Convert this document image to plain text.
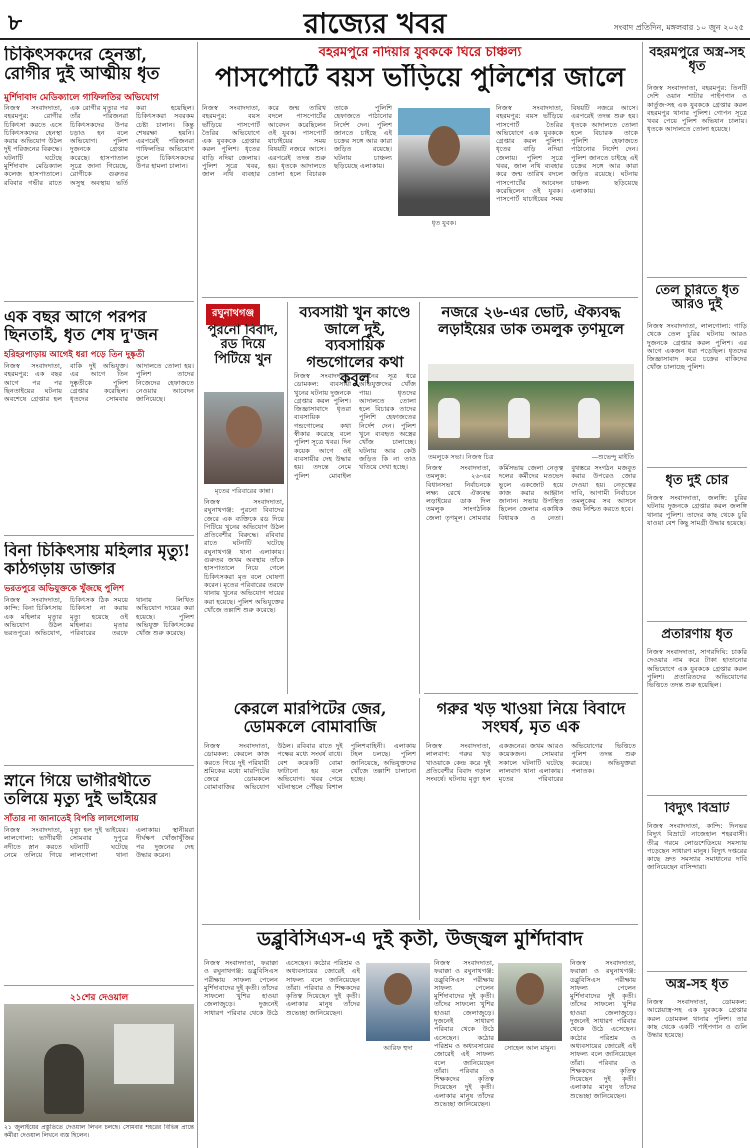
৮	রাজ্যের খবর	সংবাদ প্রতিদিন, মঙ্গলবার ১০ জুন ২০২৫
চিকিৎসকদের হেনস্তা, রোগীর দুই আত্মীয় ধৃত
মুর্শিদাবাদ মেডিক্যালে গাফিলতির অভিযোগ
নিজস্ব সংবাদদাতা, বহরমপুর: রোগীর চিকিৎসা করতে এসে চিকিৎসকদের হেনস্থা করার অভিযোগ উঠল দুই পরিজনের বিরুদ্ধে। ঘটনাটি ঘটেছে মুর্শিদাবাদ মেডিক্যাল কলেজ হাসপাতালে। রবিবার গভীর রাতে এক রোগীর মৃত্যুর পর তাঁর পরিজনরা চিকিৎসকদের উপর চড়াও হন বলে অভিযোগ। পুলিশ দুজনকে গ্রেপ্তার করেছে। হাসপাতাল সূত্রে জানা গিয়েছে, রোগীকে গুরুতর অসুস্থ অবস্থায় ভর্তি করা হয়েছিল। চিকিৎসকরা সবরকম চেষ্টা চালান। কিন্তু শেষরক্ষা হয়নি। এরপরেই পরিজনরা গাফিলতির অভিযোগ তুলে চিকিৎসকদের উপর হামলা চালান।
এক বছর আগে পরপর ছিনতাই, ধৃত শেষ দু'জন
হরিহরপাড়ায় আগেই ধরা পড়ে তিন দুষ্কৃতী
নিজস্ব সংবাদদাতা, বহরমপুর: এক বছর আগে পর পর ছিনতাইয়ের ঘটনায় অবশেষে গ্রেপ্তার হল বাকি দুই অভিযুক্ত। এর আগে তিন দুষ্কৃতীকে পুলিশ গ্রেপ্তার করেছিল। ধৃতদের সোমবার আদালতে তোলা হয়। পুলিশ তাদের নিজেদের হেফাজতে নেওয়ার আবেদন জানিয়েছে।
বিনা চিকিৎসায় মহিলার মৃত্যু! কাঠগড়ায় ডাক্তার
ভরতপুরে অভিযুক্তকে খুঁজছে পুলিশ
নিজস্ব সংবাদদাতা, কান্দি: বিনা চিকিৎসায় এক মহিলার মৃত্যুর অভিযোগ উঠল ভরতপুরে। অভিযোগ, চিকিৎসক ঠিক সময়ে চিকিৎসা না করায় মৃত্যু হয়েছে ওই মহিলার। মৃতার পরিবারের তরফে থানায় লিখিত অভিযোগ দায়ের করা হয়েছে। পুলিশ অভিযুক্ত চিকিৎসকের খোঁজ শুরু করেছে।
স্নানে গিয়ে ভাগীরথীতে তলিয়ে মৃত্যু দুই ভাইয়ের
সাঁতার না জানাতেই বিপত্তি লালগোলায়
নিজস্ব সংবাদদাতা, লালগোলা: ভাগীরথী নদীতে স্নান করতে নেমে তলিয়ে গিয়ে মৃত্যু হল দুই ভাইয়ের। সোমবার দুপুরে ঘটনাটি ঘটেছে লালগোলা থানা এলাকায়। স্থানীয়রা দীর্ঘক্ষণ খোঁজাখুঁজির পর দুজনের দেহ উদ্ধার করেন।
২১শের দেওয়াল
২১ জুলাইয়ের প্রস্তুতিতে দেওয়াল লিখন চলছে। সোমবার শহরের বিভিন্ন প্রান্তে কর্মীরা দেওয়াল লিখনে ব্যস্ত ছিলেন।
বহরমপুরে নদিয়ার যুবককে ঘিরে চাঞ্চল্য
পাসপোর্টে বয়স ভাঁড়িয়ে পুলিশের জালে
নিজস্ব সংবাদদাতা, বহরমপুর: বয়স ভাঁড়িয়ে পাসপোর্ট তৈরির অভিযোগে এক যুবককে গ্রেপ্তার করল পুলিশ। ধৃতের বাড়ি নদিয়া জেলায়। পুলিশ সূত্রে খবর, জাল নথি ব্যবহার করে জন্ম তারিখ বদলে পাসপোর্টের আবেদন করেছিলেন ওই যুবক। পাসপোর্ট যাচাইয়ের সময় বিষয়টি নজরে আসে। এরপরেই তদন্ত শুরু হয়। ধৃতকে আদালতে তোলা হলে বিচারক তাকে পুলিশি হেফাজতে পাঠানোর নির্দেশ দেন। পুলিশ জানতে চাইছে এই চক্রের সঙ্গে আর কারা জড়িত রয়েছে। ঘটনায় চাঞ্চল্য ছড়িয়েছে এলাকায়।
ধৃত যুবক।
নিজস্ব সংবাদদাতা, বহরমপুর: বয়স ভাঁড়িয়ে পাসপোর্ট তৈরির অভিযোগে এক যুবককে গ্রেপ্তার করল পুলিশ। ধৃতের বাড়ি নদিয়া জেলায়। পুলিশ সূত্রে খবর, জাল নথি ব্যবহার করে জন্ম তারিখ বদলে পাসপোর্টের আবেদন করেছিলেন ওই যুবক। পাসপোর্ট যাচাইয়ের সময় বিষয়টি নজরে আসে। এরপরেই তদন্ত শুরু হয়। ধৃতকে আদালতে তোলা হলে বিচারক তাকে পুলিশি হেফাজতে পাঠানোর নির্দেশ দেন। পুলিশ জানতে চাইছে এই চক্রের সঙ্গে আর কারা জড়িত রয়েছে। ঘটনায় চাঞ্চল্য ছড়িয়েছে এলাকায়।
রঘুনাথগঞ্জ
পুরনো বিবাদ, রড দিয়ে পিটিয়ে খুন
মৃতের পরিবারের কান্না।
নিজস্ব সংবাদদাতা, রঘুনাথগঞ্জ: পুরনো বিবাদের জেরে এক ব্যক্তিকে রড দিয়ে পিটিয়ে খুনের অভিযোগ উঠল প্রতিবেশীর বিরুদ্ধে। রবিবার রাতে ঘটনাটি ঘটেছে রঘুনাথগঞ্জ থানা এলাকায়। গুরুতর জখম অবস্থায় তাঁকে হাসপাতালে নিয়ে গেলে চিকিৎসকরা মৃত বলে ঘোষণা করেন। মৃতের পরিবারের তরফে থানায় খুনের অভিযোগ দায়ের করা হয়েছে। পুলিশ অভিযুক্তের খোঁজে তল্লাশি শুরু করেছে।
ব্যবসায়ী খুন কাণ্ডে জালে দুই, ব্যবসায়িক গন্ডগোলের কথা কবুল
নিজস্ব সংবাদদাতা, ডোমকল: ব্যবসায়ী খুনের ঘটনায় দুজনকে গ্রেপ্তার করল পুলিশ। জিজ্ঞাসাবাদে ধৃতরা ব্যবসায়িক গন্ডগোলের কথা স্বীকার করেছে বলে পুলিশ সূত্রে খবর। দিন কয়েক আগে ওই ব্যবসায়ীর দেহ উদ্ধার হয়। তদন্তে নেমে পুলিশ মোবাইল ফোনের সূত্র ধরে অভিযুক্তদের খোঁজ পায়। ধৃতদের আদালতে তোলা হলে বিচারক তাদের পুলিশি হেফাজতের নির্দেশ দেন। পুলিশ খুনে ব্যবহৃত অস্ত্রের খোঁজ চালাচ্ছে। ঘটনায় আর কেউ জড়িত কি না তাও খতিয়ে দেখা হচ্ছে।
নজরে ২৬-এর ভোট, ঐক্যবদ্ধ লড়াইয়ের ডাক তমলুক তৃণমূলে
তমলুকে সভা। নিজস্ব চিত্র	—শুভেন্দু মাইতি
নিজস্ব সংবাদদাতা, তমলুক: ২৬-এর বিধানসভা নির্বাচনকে লক্ষ্য রেখে ঐক্যবদ্ধ লড়াইয়ের ডাক দিল তমলুক সাংগঠনিক জেলা তৃণমূল। সোমবার কর্মিসভায় জেলা নেতৃত্ব দলের কর্মীদের মতভেদ ভুলে একজোট হয়ে কাজ করার আহ্বান জানান। সভায় উপস্থিত ছিলেন জেলার একাধিক বিধায়ক ও নেতা। বুথস্তরে সংগঠন মজবুত করার উপরেও জোর দেওয়া হয়। নেতৃত্বের দাবি, আগামী নির্বাচনে তমলুকের সব আসনে জয় নিশ্চিত করতে হবে।
কেরলে মারপিটের জের, ডোমকলে বোমাবাজি
নিজস্ব সংবাদদাতা, ডোমকল: কেরলে কাজ করতে গিয়ে দুই পরিযায়ী শ্রমিকের মধ্যে মারপিটের জেরে ডোমকলে বোমাবাজির অভিযোগ উঠল। রবিবার রাতে দুই পক্ষের মধ্যে সংঘর্ষ বাধে। বেশ কয়েকটি বোমা ফাটানো হয় বলে অভিযোগ। খবর পেয়ে ঘটনাস্থলে পৌঁছয় বিশাল পুলিশবাহিনী। এলাকায় টহল চলছে। পুলিশ জানিয়েছে, অভিযুক্তদের খোঁজে তল্লাশি চালানো হচ্ছে।
গরুর খড় খাওয়া নিয়ে বিবাদে সংঘর্ষ, মৃত এক
নিজস্ব সংবাদদাতা, লালবাগ: গরুর খড় খাওয়াকে কেন্দ্র করে দুই প্রতিবেশীর বিবাদ গড়াল সংঘর্ষে। ঘটনায় মৃত্যু হল একজনের। জখম আরও কয়েকজন। সোমবার সকালে ঘটনাটি ঘটেছে লালবাগ থানা এলাকায়। মৃতের পরিবারের অভিযোগের ভিত্তিতে পুলিশ তদন্ত শুরু করেছে। অভিযুক্তরা পলাতক।
ডব্লুবিসিএস-এ দুই কৃতী, উজ্জ্বল মুর্শিদাবাদ
নিজস্ব সংবাদদাতা, ফরাক্কা ও রঘুনাথগঞ্জ: ডব্লুবিসিএস পরীক্ষায় সাফল্য পেলেন মুর্শিদাবাদের দুই কৃতী। তাঁদের সাফল্যে খুশির হাওয়া জেলাজুড়ে। দুজনেই সাধারণ পরিবার থেকে উঠে এসেছেন। কঠোর পরিশ্রম ও অধ্যবসায়ের জোরেই এই সাফল্য বলে জানিয়েছেন তাঁরা। পরিবার ও শিক্ষকদের কৃতিত্ব দিয়েছেন দুই কৃতী। এলাকার মানুষ তাঁদের শুভেচ্ছা জানিয়েছেন।
আরিফ হুদা
নিজস্ব সংবাদদাতা, ফরাক্কা ও রঘুনাথগঞ্জ: ডব্লুবিসিএস পরীক্ষায় সাফল্য পেলেন মুর্শিদাবাদের দুই কৃতী। তাঁদের সাফল্যে খুশির হাওয়া জেলাজুড়ে। দুজনেই সাধারণ পরিবার থেকে উঠে এসেছেন। কঠোর পরিশ্রম ও অধ্যবসায়ের জোরেই এই সাফল্য বলে জানিয়েছেন তাঁরা। পরিবার ও শিক্ষকদের কৃতিত্ব দিয়েছেন দুই কৃতী। এলাকার মানুষ তাঁদের শুভেচ্ছা জানিয়েছেন।
সোহেল আল মামুন।
নিজস্ব সংবাদদাতা, ফরাক্কা ও রঘুনাথগঞ্জ: ডব্লুবিসিএস পরীক্ষায় সাফল্য পেলেন মুর্শিদাবাদের দুই কৃতী। তাঁদের সাফল্যে খুশির হাওয়া জেলাজুড়ে। দুজনেই সাধারণ পরিবার থেকে উঠে এসেছেন। কঠোর পরিশ্রম ও অধ্যবসায়ের জোরেই এই সাফল্য বলে জানিয়েছেন তাঁরা। পরিবার ও শিক্ষকদের কৃতিত্ব দিয়েছেন দুই কৃতী। এলাকার মানুষ তাঁদের শুভেচ্ছা জানিয়েছেন।
বহরমপুরে অস্ত্র-সহ ধৃত
নিজস্ব সংবাদদাতা, বহরমপুর: তিনটি দেশি ওয়ান শাটার পাইপগান ও কার্তুজ-সহ এক যুবককে গ্রেপ্তার করল বহরমপুর থানার পুলিশ। গোপন সূত্রে খবর পেয়ে পুলিশ অভিযান চালায়। ধৃতকে আদালতে তোলা হয়েছে।
তেল চুরিতে ধৃত আরও দুই
নিজস্ব সংবাদদাতা, লালগোলা: গাড়ি থেকে তেল চুরির ঘটনায় আরও দুজনকে গ্রেপ্তার করল পুলিশ। এর আগে একজন ধরা পড়েছিল। ধৃতদের জিজ্ঞাসাবাদ করে চক্রের বাকিদের খোঁজ চালাচ্ছে পুলিশ।
ধৃত দুই চোর
নিজস্ব সংবাদদাতা, জলঙ্গি: চুরির ঘটনায় দুজনকে গ্রেপ্তার করল জলঙ্গি থানার পুলিশ। তাদের কাছ থেকে চুরি যাওয়া বেশ কিছু সামগ্রী উদ্ধার হয়েছে।
প্রতারণায় ধৃত
নিজস্ব সংবাদদাতা, সাগরদিঘি: চাকরি দেওয়ার নাম করে টাকা হাতানোর অভিযোগে এক যুবককে গ্রেপ্তার করল পুলিশ। প্রতারিতদের অভিযোগের ভিত্তিতে তদন্ত শুরু হয়েছিল।
বিদ্যুৎ বিভ্রাট
নিজস্ব সংবাদদাতা, কান্দি: দিনভর বিদ্যুৎ বিভ্রাটে নাজেহাল শহরবাসী। তীব্র গরমে লোডশেডিংয়ে সমস্যায় পড়েছেন সাধারণ মানুষ। বিদ্যুৎ দপ্তরের কাছে দ্রুত সমস্যার সমাধানের দাবি জানিয়েছেন বাসিন্দারা।
অস্ত্র-সহ ধৃত
নিজস্ব সংবাদদাতা, ডোমকল: আগ্নেয়াস্ত্র-সহ এক যুবককে গ্রেপ্তার করল ডোমকল থানার পুলিশ। তার কাছ থেকে একটি পাইপগান ও গুলি উদ্ধার হয়েছে।
